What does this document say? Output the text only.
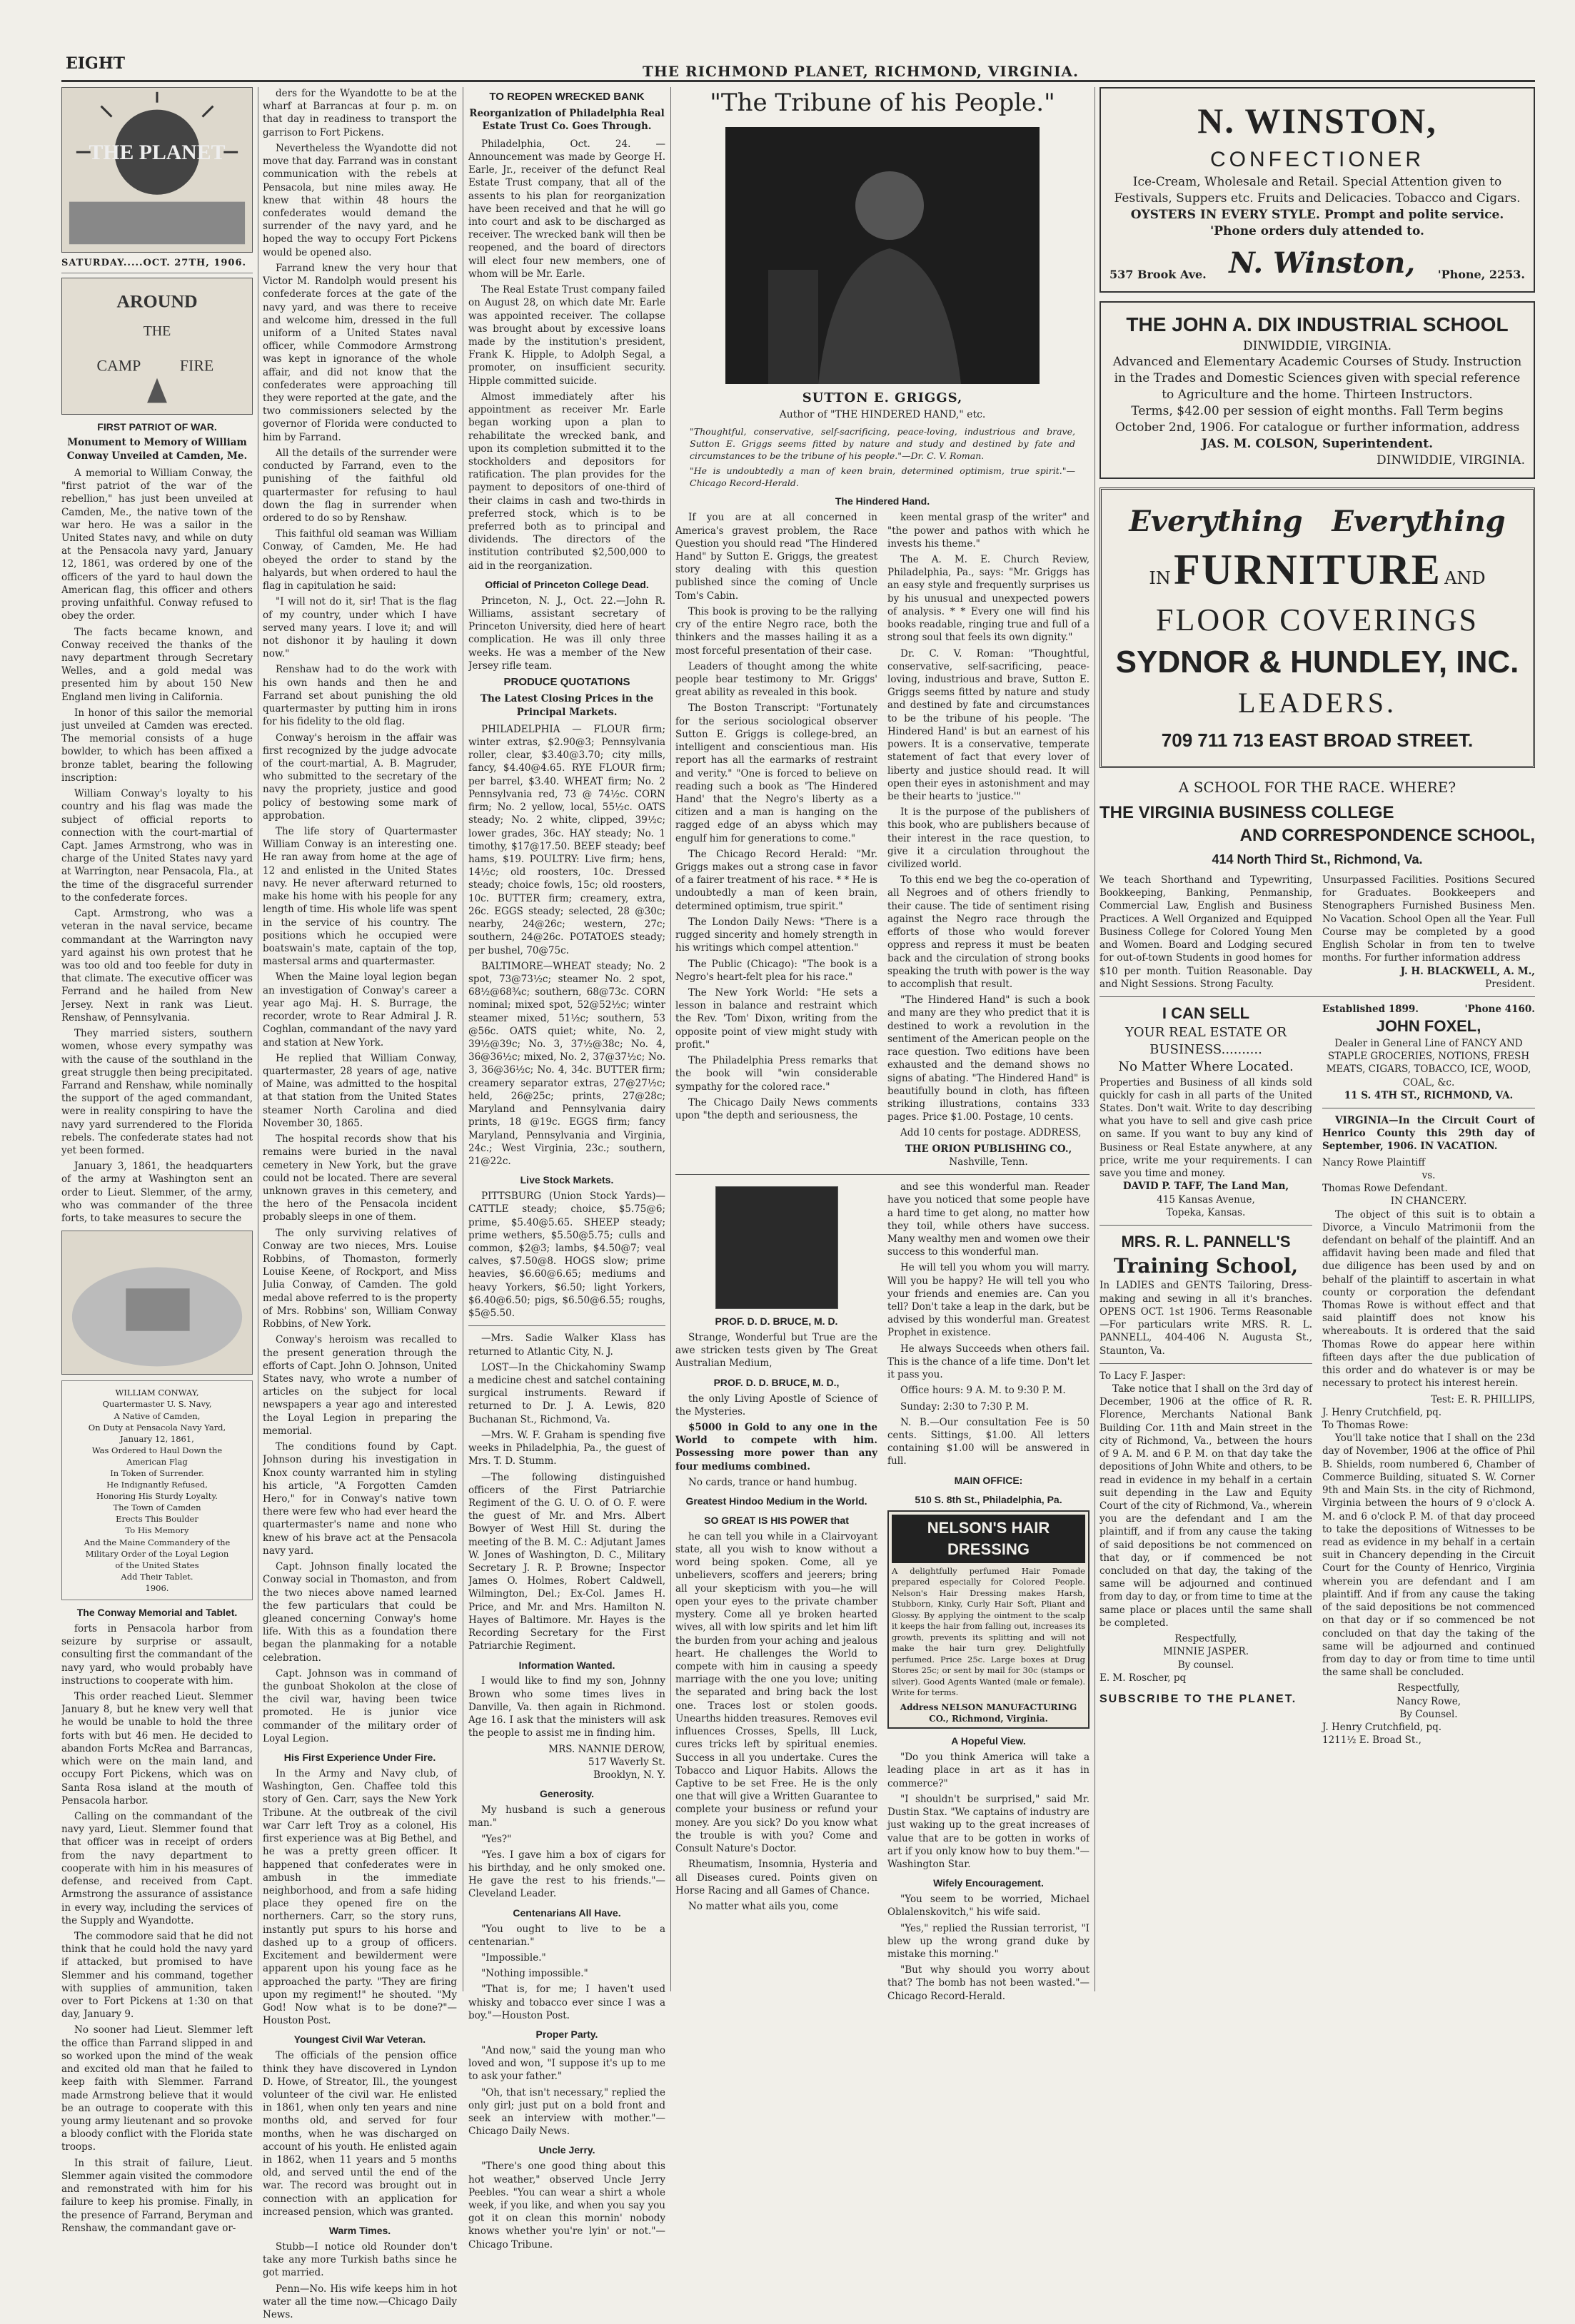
EIGHT	THE RICHMOND PLANET, RICHMOND, VIRGINIA.
THE PLANET
SATURDAY.....OCT. 27TH, 1906.
AROUND
THE
CAMP FIRE
FIRST PATRIOT OF WAR.
Monument to Memory of William Conway Unveiled at Camden, Me.

A memorial to William Conway, the "first patriot of the war of the rebellion," has just been unveiled at Camden, Me., the native town of the war hero. He was a sailor in the United States navy, and while on duty at the Pensacola navy yard, January 12, 1861, was ordered by one of the officers of the yard to haul down the American flag, this officer and others proving unfaithful. Conway refused to obey the order.

The facts became known, and Conway received the thanks of the navy department through Secretary Welles, and a gold medal was presented him by about 150 New England men living in California.

In honor of this sailor the memorial just unveiled at Camden was erected. The memorial consists of a huge bowlder, to which has been affixed a bronze tablet, bearing the following inscription:

William Conway's loyalty to his country and his flag was made the subject of official reports to connection with the court-martial of Capt. James Armstrong, who was in charge of the United States navy yard at Warrington, near Pensacola, Fla., at the time of the disgraceful surrender to the confederate forces.

Capt. Armstrong, who was a veteran in the naval service, became commandant at the Warrington navy yard against his own protest that he was too old and too feeble for duty in that climate. The executive officer was Ferrand and he hailed from New Jersey. Next in rank was Lieut. Renshaw, of Pennsylvania.

They married sisters, southern women, whose every sympathy was with the cause of the southland in the great struggle then being precipitated. Farrand and Renshaw, while nominally the support of the aged commandant, were in reality conspiring to have the navy yard surrendered to the Florida rebels. The confederate states had not yet been formed.

January 3, 1861, the headquarters of the army at Washington sent an order to Lieut. Slemmer, of the army, who was commander of the three forts, to take measures to secure the

WILLIAM CONWAY,
Quartermaster U. S. Navy,
A Native of Camden,
On Duty at Pensacola Navy Yard,
January 12, 1861,
Was Ordered to Haul Down the
American Flag
In Token of Surrender.
He Indignantly Refused,
Honoring His Sturdy Loyalty.
The Town of Camden
Erects This Boulder
To His Memory
And the Maine Commandery of the
Military Order of the Loyal Legion
of the United States
Add Their Tablet.
1906.
The Conway Memorial and Tablet.

forts in Pensacola harbor from seizure by surprise or assault, consulting first the commandant of the navy yard, who would probably have instructions to cooperate with him.

This order reached Lieut. Slemmer January 8, but he knew very well that he would be unable to hold the three forts with but 46 men. He decided to abandon Forts McRea and Barrancas, which were on the main land, and occupy Fort Pickens, which was on Santa Rosa island at the mouth of Pensacola harbor.

Calling on the commandant of the navy yard, Lieut. Slemmer found that that officer was in receipt of orders from the navy department to cooperate with him in his measures of defense, and received from Capt. Armstrong the assurance of assistance in every way, including the services of the Supply and Wyandotte.

The commodore said that he did not think that he could hold the navy yard if attacked, but promised to have Slemmer and his command, together with supplies of ammunition, taken over to Fort Pickens at 1:30 on that day, January 9.

No sooner had Lieut. Slemmer left the office than Farrand slipped in and so worked upon the mind of the weak and excited old man that he failed to keep faith with Slemmer. Farrand made Armstrong believe that it would be an outrage to cooperate with this young army lieutenant and so provoke a bloody conflict with the Florida state troops.

In this strait of failure, Lieut. Slemmer again visited the commodore and remonstrated with him for his failure to keep his promise. Finally, in the presence of Farrand, Beryman and Renshaw, the commandant gave or-

ders for the Wyandotte to be at the wharf at Barrancas at four p. m. on that day in readiness to transport the garrison to Fort Pickens.

Nevertheless the Wyandotte did not move that day. Farrand was in constant communication with the rebels at Pensacola, but nine miles away. He knew that within 48 hours the confederates would demand the surrender of the navy yard, and he hoped the way to occupy Fort Pickens would be opened also.

Farrand knew the very hour that Victor M. Randolph would present his confederate forces at the gate of the navy yard, and was there to receive and welcome him, dressed in the full uniform of a United States naval officer, while Commodore Armstrong was kept in ignorance of the whole affair, and did not know that the confederates were approaching till they were reported at the gate, and the two commissioners selected by the governor of Florida were conducted to him by Farrand.

All the details of the surrender were conducted by Farrand, even to the punishing of the faithful old quartermaster for refusing to haul down the flag in surrender when ordered to do so by Renshaw.

This faithful old seaman was William Conway, of Camden, Me. He had obeyed the order to stand by the halyards, but when ordered to haul the flag in capitulation he said:

"I will not do it, sir! That is the flag of my country, under which I have served many years. I love it; and will not dishonor it by hauling it down now."

Renshaw had to do the work with his own hands and then he and Farrand set about punishing the old quartermaster by putting him in irons for his fidelity to the old flag.

Conway's heroism in the affair was first recognized by the judge advocate of the court-martial, A. B. Magruder, who submitted to the secretary of the navy the propriety, justice and good policy of bestowing some mark of approbation.

The life story of Quartermaster William Conway is an interesting one. He ran away from home at the age of 12 and enlisted in the United States navy. He never afterward returned to make his home with his people for any length of time. His whole life was spent in the service of his country. The positions which he occupied were boatswain's mate, captain of the top, mastersal arms and quartermaster.

When the Maine loyal legion began an investigation of Conway's career a year ago Maj. H. S. Burrage, the recorder, wrote to Rear Admiral J. R. Coghlan, commandant of the navy yard and station at New York.

He replied that William Conway, quartermaster, 28 years of age, native of Maine, was admitted to the hospital at that station from the United States steamer North Carolina and died November 30, 1865.

The hospital records show that his remains were buried in the naval cemetery in New York, but the grave could not be located. There are several unknown graves in this cemetery, and the hero of the Pensacola incident probably sleeps in one of them.

The only surviving relatives of Conway are two nieces, Mrs. Louise Robbins, of Thomaston, formerly Louise Keene, of Rockport, and Miss Julia Conway, of Camden. The gold medal above referred to is the property of Mrs. Robbins' son, William Conway Robbins, of New York.

Conway's heroism was recalled to the present generation through the efforts of Capt. John O. Johnson, United States navy, who wrote a number of articles on the subject for local newspapers a year ago and interested the Loyal Legion in preparing the memorial.

The conditions found by Capt. Johnson during his investigation in Knox county warranted him in styling his article, "A Forgotten Camden Hero," for in Conway's native town there were few who had ever heard the quartermaster's name and none who knew of his brave act at the Pensacola navy yard.

Capt. Johnson finally located the Conway social in Thomaston, and from the two nieces above named learned the few particulars that could be gleaned concerning Conway's home life. With this as a foundation there began the planmaking for a notable celebration.

Capt. Johnson was in command of the gunboat Shokolon at the close of the civil war, having been twice promoted. He is junior vice commander of the military order of Loyal Legion.

His First Experience Under Fire.

In the Army and Navy club, of Washington, Gen. Chaffee told this story of Gen. Carr, says the New York Tribune. At the outbreak of the civil war Carr left Troy as a colonel, His first experience was at Big Bethel, and he was a pretty green officer. It happened that confederates were in ambush in the immediate neighborhood, and from a safe hiding place they opened fire on the northerners. Carr, so the story runs, instantly put spurs to his horse and dashed up to a group of officers. Excitement and bewilderment were apparent upon his young face as he approached the party. "They are firing upon my regiment!" he shouted. "My God! Now what is to be done?"—Houston Post.

Youngest Civil War Veteran.

The officials of the pension office think they have discovered in Lyndon D. Howe, of Streator, Ill., the youngest volunteer of the civil war. He enlisted in 1861, when only ten years and nine months old, and served for four months, when he was discharged on account of his youth. He enlisted again in 1862, when 11 years and 5 months old, and served until the end of the war. The record was brought out in connection with an application for increased pension, which was granted.

Warm Times.

Stubb—I notice old Rounder don't take any more Turkish baths since he got married.

Penn—No. His wife keeps him in hot water all the time now.—Chicago Daily News.

TO REOPEN WRECKED BANK
Reorganization of Philadelphia Real Estate Trust Co. Goes Through.

Philadelphia, Oct. 24. — Announcement was made by George H. Earle, Jr., receiver of the defunct Real Estate Trust company, that all of the assents to his plan for reorganization have been received and that he will go into court and ask to be discharged as receiver. The wrecked bank will then be reopened, and the board of directors will elect four new members, one of whom will be Mr. Earle.

The Real Estate Trust company failed on August 28, on which date Mr. Earle was appointed receiver. The collapse was brought about by excessive loans made by the institution's president, Frank K. Hipple, to Adolph Segal, a promoter, on insufficient security. Hipple committed suicide.

Almost immediately after his appointment as receiver Mr. Earle began working upon a plan to rehabilitate the wrecked bank, and upon its completion submitted it to the stockholders and depositors for ratification. The plan provides for the payment to depositors of one-third of their claims in cash and two-thirds in preferred stock, which is to be preferred both as to principal and dividends. The directors of the institution contributed $2,500,000 to aid in the reorganization.

Official of Princeton College Dead.

Princeton, N. J., Oct. 22.—John R. Williams, assistant secretary of Princeton University, died here of heart complication. He was ill only three weeks. He was a member of the New Jersey rifle team.

PRODUCE QUOTATIONS
The Latest Closing Prices in the Principal Markets.

PHILADELPHIA — FLOUR firm; winter extras, $2.90@3; Pennsylvania roller, clear, $3.40@3.70; city mills, fancy, $4.40@4.65. RYE FLOUR firm; per barrel, $3.40. WHEAT firm; No. 2 Pennsylvania red, 73 @ 74½c. CORN firm; No. 2 yellow, local, 55½c. OATS steady; No. 2 white, clipped, 39½c; lower grades, 36c. HAY steady; No. 1 timothy, $17@17.50. BEEF steady; beef hams, $19. POULTRY: Live firm; hens, 14½c; old roosters, 10c. Dressed steady; choice fowls, 15c; old roosters, 10c. BUTTER firm; creamery, extra, 26c. EGGS steady; selected, 28 @30c; nearby, 24@26c; western, 27c; southern, 24@26c. POTATOES steady; per bushel, 70@75c.

BALTIMORE—WHEAT steady; No. 2 spot, 73@73½c; steamer No. 2 spot, 68½@68¾c; southern, 68@73c. CORN nominal; mixed spot, 52@52½c; winter steamer mixed, 51½c; southern, 53 @56c. OATS quiet; white, No. 2, 39½@39c; No. 3, 37½@38c; No. 4, 36@36½c; mixed, No. 2, 37@37½c; No. 3, 36@36½c; No. 4, 34c. BUTTER firm; creamery separator extras, 27@27½c; held, 26@25c; prints, 27@28c; Maryland and Pennsylvania dairy prints, 18 @19c. EGGS firm; fancy Maryland, Pennsylvania and Virginia, 24c.; West Virginia, 23c.; southern, 21@22c.

Live Stock Markets.

PITTSBURG (Union Stock Yards)—CATTLE steady; choice, $5.75@6; prime, $5.40@5.65. SHEEP steady; prime wethers, $5.50@5.75; culls and common, $2@3; lambs, $4.50@7; veal calves, $7.50@8. HOGS slow; prime heavies, $6.60@6.65; mediums and heavy Yorkers, $6.50; light Yorkers, $6.40@6.50; pigs, $6.50@6.55; roughs, $5@5.50.

—Mrs. Sadie Walker Klass has returned to Atlantic City, N. J.

LOST—In the Chickahominy Swamp a medicine chest and satchel containing surgical instruments. Reward if returned to Dr. J. A. Lewis, 820 Buchanan St., Richmond, Va.

—Mrs. W. F. Graham is spending five weeks in Philadelphia, Pa., the guest of Mrs. T. D. Stumm.

—The following distinguished officers of the First Patriarchie Regiment of the G. U. O. of O. F. were the guest of Mr. and Mrs. Albert Bowyer of West Hill St. during the meeting of the B. M. C.: Adjutant James W. Jones of Washington, D. C., Military Secretary J. R. P. Browne; Inspector James O. Holmes, Robert Caldwell, Wilmington, Del.; Ex-Col. James H. Price, and Mr. and Mrs. Hamilton N. Hayes of Baltimore. Mr. Hayes is the Recording Secretary for the First Patriarchie Regiment.

Information Wanted.

I would like to find my son, Johnny Brown who some times lives in Danville, Va. then again in Richmond. Age 16. I ask that the ministers will ask the people to assist me in finding him.

MRS. NANNIE DEROW,
517 Waverly St.
Brooklyn, N. Y.
Generosity.

My husband is such a generous man."

"Yes?"

"Yes. I gave him a box of cigars for his birthday, and he only smoked one. He gave the rest to his friends."—Cleveland Leader.

Centenarians All Have.

"You ought to live to be a centenarian."

"Impossible."

"Nothing impossible."

"That is, for me; I haven't used whisky and tobacco ever since I was a boy."—Houston Post.

Proper Party.

"And now," said the young man who loved and won, "I suppose it's up to me to ask your father."

"Oh, that isn't necessary," replied the only girl; just put on a bold front and seek an interview with mother."—Chicago Daily News.

Uncle Jerry.

"There's one good thing about this hot weather," observed Uncle Jerry Peebles. "You can wear a shirt a whole week, if you like, and when you say you got it on clean this mornin' nobody knows whether you're lyin' or not."—Chicago Tribune.

"The Tribune of his People."
SUTTON E. GRIGGS,
Author of "THE HINDERED HAND," etc.
"Thoughtful, conservative, self-sacrificing, peace-loving, industrious and brave, Sutton E. Griggs seems fitted by nature and study and destined by fate and circumstances to be the tribune of his people."—Dr. C. V. Roman.
"He is undoubtedly a man of keen brain, determined optimism, true spirit."—Chicago Record-Herald.
The Hindered Hand.

If you are at all concerned in America's gravest problem, the Race Question you should read "The Hindered Hand" by Sutton E. Griggs, the greatest story dealing with this question published since the coming of Uncle Tom's Cabin.

This book is proving to be the rallying cry of the entire Negro race, both the thinkers and the masses hailing it as a most forceful presentation of their case.

Leaders of thought among the white people bear testimony to Mr. Griggs' great ability as revealed in this book.

The Boston Transcript: "Fortunately for the serious sociological observer Sutton E. Griggs is college-bred, an intelligent and conscientious man. His report has all the earmarks of restraint and verity." "One is forced to believe on reading such a book as 'The Hindered Hand' that the Negro's liberty as a citizen and a man is hanging on the ragged edge of an abyss which may engulf him for generations to come."

The Chicago Record Herald: "Mr. Griggs makes out a strong case in favor of a fairer treatment of his race. * * He is undoubtedly a man of keen brain, determined optimism, true spirit."

The London Daily News: "There is a rugged sincerity and homely strength in his writings which compel attention."

The Public (Chicago): "The book is a Negro's heart-felt plea for his race."

The New York World: "He sets a lesson in balance and restraint which the Rev. 'Tom' Dixon, writing from the opposite point of view might study with profit."

The Philadelphia Press remarks that the book will "win considerable sympathy for the colored race."

The Chicago Daily News comments upon "the depth and seriousness, the

keen mental grasp of the writer" and "the power and pathos with which he invests his theme."

The A. M. E. Church Review, Philadelphia, Pa., says: "Mr. Griggs has an easy style and frequently surprises us by his unusual and unexpected powers of analysis. * * Every one will find his books readable, ringing true and full of a strong soul that feels its own dignity."

Dr. C. V. Roman: "Thoughtful, conservative, self-sacrificing, peace-loving, industrious and brave, Sutton E. Griggs seems fitted by nature and study and destined by fate and circumstances to be the tribune of his people. 'The Hindered Hand' is but an earnest of his powers. It is a conservative, temperate statement of fact that every lover of liberty and justice should read. It will open their eyes in astonishment and may be their hearts to 'justice.'"

It is the purpose of the publishers of this book, who are publishers because of their interest in the race question, to give it a circulation throughout the civilized world.

To this end we beg the co-operation of all Negroes and of others friendly to their cause. The tide of sentiment rising against the Negro race through the efforts of those who would forever oppress and repress it must be beaten back and the circulation of strong books speaking the truth with power is the way to accomplish that result.

"The Hindered Hand" is such a book and many are they who predict that it is destined to work a revolution in the sentiment of the American people on the race question. Two editions have been exhausted and the demand shows no signs of abating. "The Hindered Hand" is beautifully bound in cloth, has fifteen striking illustrations, contains 333 pages. Price $1.00. Postage, 10 cents.

Add 10 cents for postage. ADDRESS,

THE ORION PUBLISHING CO.,
Nashville, Tenn.
PROF. D. D. BRUCE, M. D.

Strange, Wonderful but True are the awe stricken tests given by The Great Australian Medium,

PROF. D. D. BRUCE, M. D.,

the only Living Apostle of Science of the Mysteries.

$5000 in Gold to any one in the World to compete with him. Possessing more power than any four mediums combined.

No cards, trance or hand humbug.

Greatest Hindoo Medium in the World.
SO GREAT IS HIS POWER that

he can tell you while in a Clairvoyant state, all you wish to know without a word being spoken. Come, all ye unbelievers, scoffers and jeerers; bring all your skepticism with you—he will open your eyes to the private chamber mystery. Come all ye broken hearted wives, all with low spirits and let him lift the burden from your aching and jealous heart. He challenges the World to compete with him in causing a speedy marriage with the one you love; uniting the separated and bring back the lost one. Traces lost or stolen goods. Unearths hidden treasures. Removes evil influences Crosses, Spells, Ill Luck, cures tricks left by spiritual enemies. Success in all you undertake. Cures the Tobacco and Liquor Habits. Allows the Captive to be set Free. He is the only one that will give a Written Guarantee to complete your business or refund your money. Are you sick? Do you know what the trouble is with you? Come and Consult Nature's Doctor.

Rheumatism, Insomnia, Hysteria and all Diseases cured. Points given on Horse Racing and all Games of Chance.

No matter what ails you, come

and see this wonderful man. Reader have you noticed that some people have a hard time to get along, no matter how they toil, while others have success. Many wealthy men and women owe their success to this wonderful man.

He will tell you whom you will marry. Will you be happy? He will tell you who your friends and enemies are. Can you tell? Don't take a leap in the dark, but be advised by this wonderful man. Greatest Prophet in existence.

He always Succeeds when others fail. This is the chance of a life time. Don't let it pass you.

Office hours: 9 A. M. to 9:30 P. M.

Sunday: 2:30 to 7:30 P. M.

N. B.—Our consultation Fee is 50 cents. Sittings, $1.00. All letters containing $1.00 will be answered in full.

MAIN OFFICE:
510 S. 8th St., Philadelphia, Pa.
NELSON'S HAIR DRESSING
A delightfully perfumed Hair Pomade prepared especially for Colored People. Nelson's Hair Dressing makes Harsh, Stubborn, Kinky, Curly Hair Soft, Pliant and Glossy. By applying the ointment to the scalp it keeps the hair from falling out, increases its growth, prevents its splitting and will not make the hair turn grey. Delightfully perfumed. Price 25c. Large boxes at Drug Stores 25c; or sent by mail for 30c (stamps or silver). Good Agents Wanted (male or female). Write for terms.
Address NELSON MANUFACTURING CO., Richmond, Virginia.
A Hopeful View.

"Do you think America will take a leading place in art as it has in commerce?"

"I shouldn't be surprised," said Mr. Dustin Stax. "We captains of industry are just waking up to the great increases of value that are to be gotten in works of art if you only know how to buy them."—Washington Star.

Wifely Encouragement.

"You seem to be worried, Michael Oblalenskovitch," his wife said.

"Yes," replied the Russian terrorist, "I blew up the wrong grand duke by mistake this morning."

"But why should you worry about that? The bomb has not been wasted."—Chicago Record-Herald.

N. WINSTON,
CONFECTIONER
Ice-Cream, Wholesale and Retail. Special Attention given to Festivals, Suppers etc. Fruits and Delicacies. Tobacco and Cigars.
OYSTERS IN EVERY STYLE. Prompt and polite service. 'Phone orders duly attended to.
537 Brook Ave. N. Winston, 'Phone, 2253.
THE JOHN A. DIX INDUSTRIAL SCHOOL
DINWIDDIE, VIRGINIA.
Advanced and Elementary Academic Courses of Study. Instruction in the Trades and Domestic Sciences given with special reference to Agriculture and the home. Thirteen Instructors.
Terms, $42.00 per session of eight months. Fall Term begins October 2nd, 1906. For catalogue or further information, address
JAS. M. COLSON, Superintendent.
DINWIDDIE, VIRGINIA.
Everything Everything
IN FURNITURE AND
FLOOR COVERINGS
SYDNOR & HUNDLEY, INC.
LEADERS.
709 711 713 EAST BROAD STREET.
A SCHOOL FOR THE RACE. WHERE?
THE VIRGINIA BUSINESS COLLEGE
AND CORRESPONDENCE SCHOOL,
414 North Third St., Richmond, Va.
We teach Shorthand and Typewriting, Bookkeeping, Banking, Penmanship, Commercial Law, English and Business Practices. A Well Organized and Equipped Business College for Colored Young Men and Women. Board and Lodging secured for out-of-town Students in good homes for $10 per month. Tuition Reasonable. Day and Night Sessions. Strong Faculty.
Unsurpassed Facilities. Positions Secured for Graduates. Bookkeepers and Stenographers Furnished Business Men. No Vacation. School Open all the Year. Full Course may be completed by a good English Scholar in from ten to twelve months. For further information address
J. H. BLACKWELL, A. M.,
President.
I CAN SELL
YOUR REAL ESTATE OR BUSINESS..........
No Matter Where Located.
Properties and Business of all kinds sold quickly for cash in all parts of the United States. Don't wait. Write to day describing what you have to sell and give cash price on same. If you want to buy any kind of Business or Real Estate anywhere, at any price, write me your requirements. I can save you time and money.
DAVID P. TAFF, The Land Man,
415 Kansas Avenue,
Topeka, Kansas.
MRS. R. L. PANNELL'S
Training School,
In LADIES and GENTS Tailoring, Dress-making and sewing in all it's branches. OPENS OCT. 1st 1906. Terms Reasonable—For particulars write MRS. R. L. PANNELL, 404-406 N. Augusta St., Staunton, Va.
To Lacy F. Jasper:

Take notice that I shall on the 3rd day of December, 1906 at the office of R. R. Florence, Merchants National Bank Building Cor. 11th and Main street in the city of Richmond, Va., between the hours of 9 A. M. and 6 P. M. on that day take the depositions of John White and others, to be read in evidence in my behalf in a certain suit depending in the Law and Equity Court of the city of Richmond, Va., wherein you are the defendant and I am the plaintiff, and if from any cause the taking of said depositions be not commenced on that day, or if commenced be not concluded on that day, the taking of the same will be adjourned and continued from day to day, or from time to time at the same place or places until the same shall be completed.

Respectfully,
MINNIE JASPER.
By counsel.
E. M. Roscher, pq
SUBSCRIBE TO THE PLANET.
Established 1899.	'Phone 4160.
JOHN FOXEL,
Dealer in General Line of FANCY AND STAPLE GROCERIES, NOTIONS, FRESH MEATS, CIGARS, TOBACCO, ICE, WOOD, COAL, &c.
11 S. 4TH ST., RICHMOND, VA.

VIRGINIA—In the Circuit Court of Henrico County this 29th day of September, 1906. IN VACATION.

Nancy Rowe Plaintiff
vs.
Thomas Rowe Defendant.
IN CHANCERY.

The object of this suit is to obtain a Divorce, a Vinculo Matrimonii from the defendant on behalf of the plaintiff. And an affidavit having been made and filed that due diligence has been used by and on behalf of the plaintiff to ascertain in what county or corporation the defendant Thomas Rowe is without effect and that said plaintiff does not know his whereabouts. It is ordered that the said Thomas Rowe do appear here within fifteen days after the due publication of this order and do whatever is or may be necessary to protect his interest herein.

Test: E. R. PHILLIPS,
J. Henry Crutchfield, pq.
To Thomas Rowe:

You'll take notice that I shall on the 23d day of November, 1906 at the office of Phil B. Shields, room numbered 6, Chamber of Commerce Building, situated S. W. Corner 9th and Main Sts. in the city of Richmond, Virginia between the hours of 9 o'clock A. M. and 6 o'clock P. M. of that day proceed to take the depositions of Witnesses to be read as evidence in my behalf in a certain suit in Chancery depending in the Circuit Court for the County of Henrico, Virginia wherein you are defendant and I am plaintiff. And if from any cause the taking of the said depositions be not commenced on that day or if so commenced be not concluded on that day the taking of the same will be adjourned and continued from day to day or from time to time until the same shall be concluded.

Respectfully,
Nancy Rowe,
By Counsel.
J. Henry Crutchfield, pq.
1211½ E. Broad St.,
